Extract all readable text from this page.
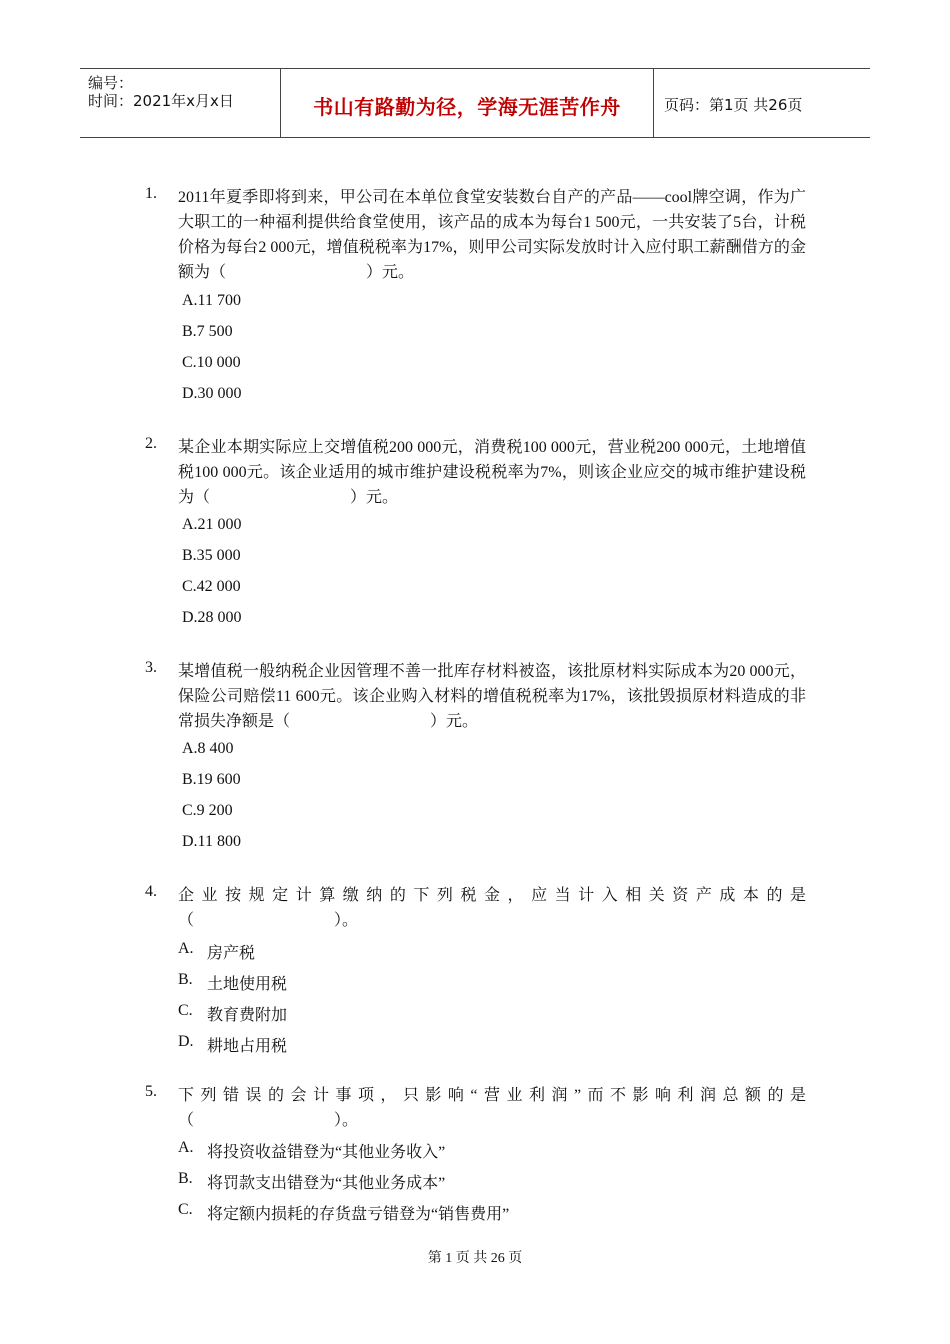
编号：
时间：2021年x月x日	书山有路勤为径，学海无涯苦作舟	页码：第1页 共26页
1. 2011年夏季即将到来，甲公司在本单位食堂安装数台自产的产品——cool牌空调，作为广大职工的一种福利提供给食堂使用，该产品的成本为每台1 500元，一共安装了5台，计税价格为每台2 000元，增值税税率为17%，则甲公司实际发放时计入应付职工薪酬借方的金额为（	）元。
A.11 700
B.7 500
C.10 000
D.30 000
2. 某企业本期实际应上交增值税200 000元，消费税100 000元，营业税200 000元，土地增值税100 000元。该企业适用的城市维护建设税税率为7%，则该企业应交的城市维护建设税为（	）元。
A.21 000
B.35 000
C.42 000
D.28 000
3. 某增值税一般纳税企业因管理不善一批库存材料被盗，该批原材料实际成本为20 000元，保险公司赔偿11 600元。该企业购入材料的增值税税率为17%，该批毁损原材料造成的非常损失净额是（	）元。
A.8 400
B.19 600
C.9 200
D.11 800
4. 企业按规定计算缴纳的下列税金，应当计入相关资产成本的是
（	）。
A. 房产税
B. 土地使用税
C. 教育费附加
D. 耕地占用税
5. 下列错误的会计事项，只影响“营业利润”而不影响利润总额的是
（	）。
A. 将投资收益错登为“其他业务收入”
B. 将罚款支出错登为“其他业务成本”
C. 将定额内损耗的存货盘亏错登为“销售费用”
第 1 页 共 26 页
